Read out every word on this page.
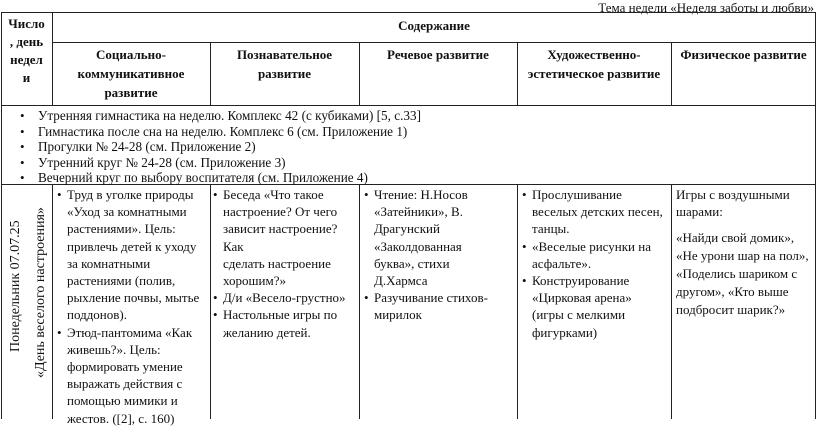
Тема недели «Неделя заботы и любви»
Число
, день
недел
и
Содержание
Социально-
коммуникативное
развитие
Познавательное развитие
Речевое развитие	Художественно-
эстетическое развитие
Физическое развитие
• Утренняя гимнастика на неделю. Комплекс 42 (с кубиками) [5, с.33]
• Гимнастика после сна на неделю. Комплекс 6 (см. Приложение 1)
• Прогулки № 24-28 (см. Приложение 2)
• Утренний круг № 24-28 (см. Приложение 3)
• Вечерний круг по выбору воспитателя (см. Приложение 4)
Понедельник 07.07.25 «День веселого настроения»
• Труд в уголке природы
«Уход за комнатными
растениями». Цель:
привлечь детей к уходу
за комнатными
растениями (полив,
рыхление почвы, мытье
поддонов).
• Этюд-пантомима «Как
живешь?». Цель:
формировать умение
выражать действия с
помощью мимики и
жестов. ([2], с. 160)
• Беседа «Что такое
настроение? От чего
зависит настроение? Как
сделать настроение
хорошим?»
• Д/и «Весело-грустно»
• Настольные игры по
желанию детей.
• Чтение: Н.Носов
«Затейники», В.
Драгунский
«Заколдованная
буква», стихи
Д.Хармса
• Разучивание стихов-
мирилок
• Прослушивание
веселых детских песен,
танцы.
• «Веселые рисунки на
асфальте».
• Конструирование
«Цирковая арена»
(игры с мелкими
фигурками)
Игры с воздушными
шарами:
«Найди свой домик»,
«Не урони шар на пол»,
«Поделись шариком с
другом», «Кто выше
подбросит шарик?»
